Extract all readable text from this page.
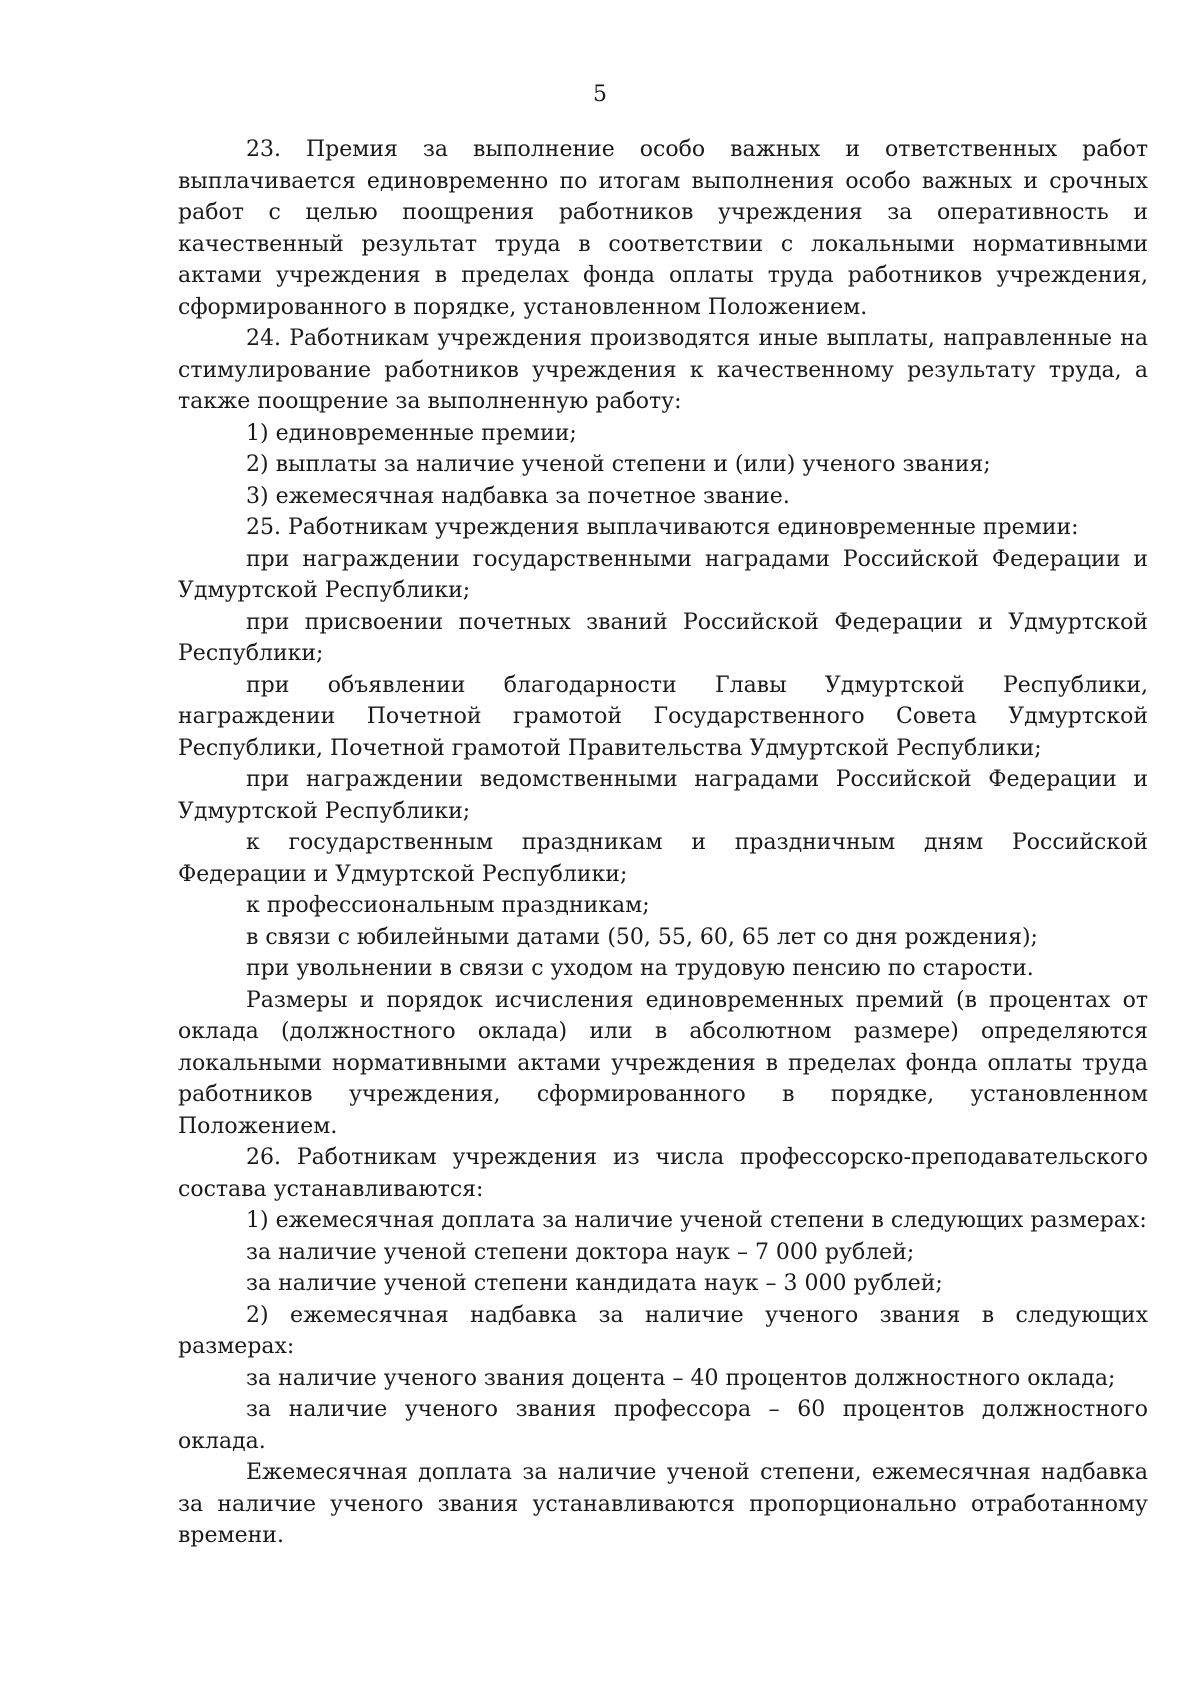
5

23. Премия за выполнение особо важных и ответственных работ выплачивается единовременно по итогам выполнения особо важных и срочных работ с целью поощрения работников учреждения за оперативность и качественный результат труда в соответствии с локальными нормативными актами учреждения в пределах фонда оплаты труда работников учреждения, сформированного в порядке, установленном Положением.

24. Работникам учреждения производятся иные выплаты, направленные на стимулирование работников учреждения к качественному результату труда, а также поощрение за выполненную работу:

1) единовременные премии;

2) выплаты за наличие ученой степени и (или) ученого звания;

3) ежемесячная надбавка за почетное звание.

25. Работникам учреждения выплачиваются единовременные премии:

при награждении государственными наградами Российской Федерации и Удмуртской Республики;

при присвоении почетных званий Российской Федерации и Удмуртской Республики;

при объявлении благодарности Главы Удмуртской Республики, награждении Почетной грамотой Государственного Совета Удмуртской Республики, Почетной грамотой Правительства Удмуртской Республики;

при награждении ведомственными наградами Российской Федерации и Удмуртской Республики;

к государственным праздникам и праздничным дням Российской Федерации и Удмуртской Республики;

к профессиональным праздникам;

в связи с юбилейными датами (50, 55, 60, 65 лет со дня рождения);

при увольнении в связи с уходом на трудовую пенсию по старости.

Размеры и порядок исчисления единовременных премий (в процентах от оклада (должностного оклада) или в абсолютном размере) определяются локальными нормативными актами учреждения в пределах фонда оплаты труда работников учреждения, сформированного в порядке, установленном Положением.

26. Работникам учреждения из числа профессорско-преподавательского состава устанавливаются:

1) ежемесячная доплата за наличие ученой степени в следующих размерах:

за наличие ученой степени доктора наук – 7 000 рублей;

за наличие ученой степени кандидата наук – 3 000 рублей;

2) ежемесячная надбавка за наличие ученого звания в следующих размерах:

за наличие ученого звания доцента – 40 процентов должностного оклада;

за наличие ученого звания профессора – 60 процентов должностного оклада.

Ежемесячная доплата за наличие ученой степени, ежемесячная надбавка за наличие ученого звания устанавливаются пропорционально отработанному времени.
